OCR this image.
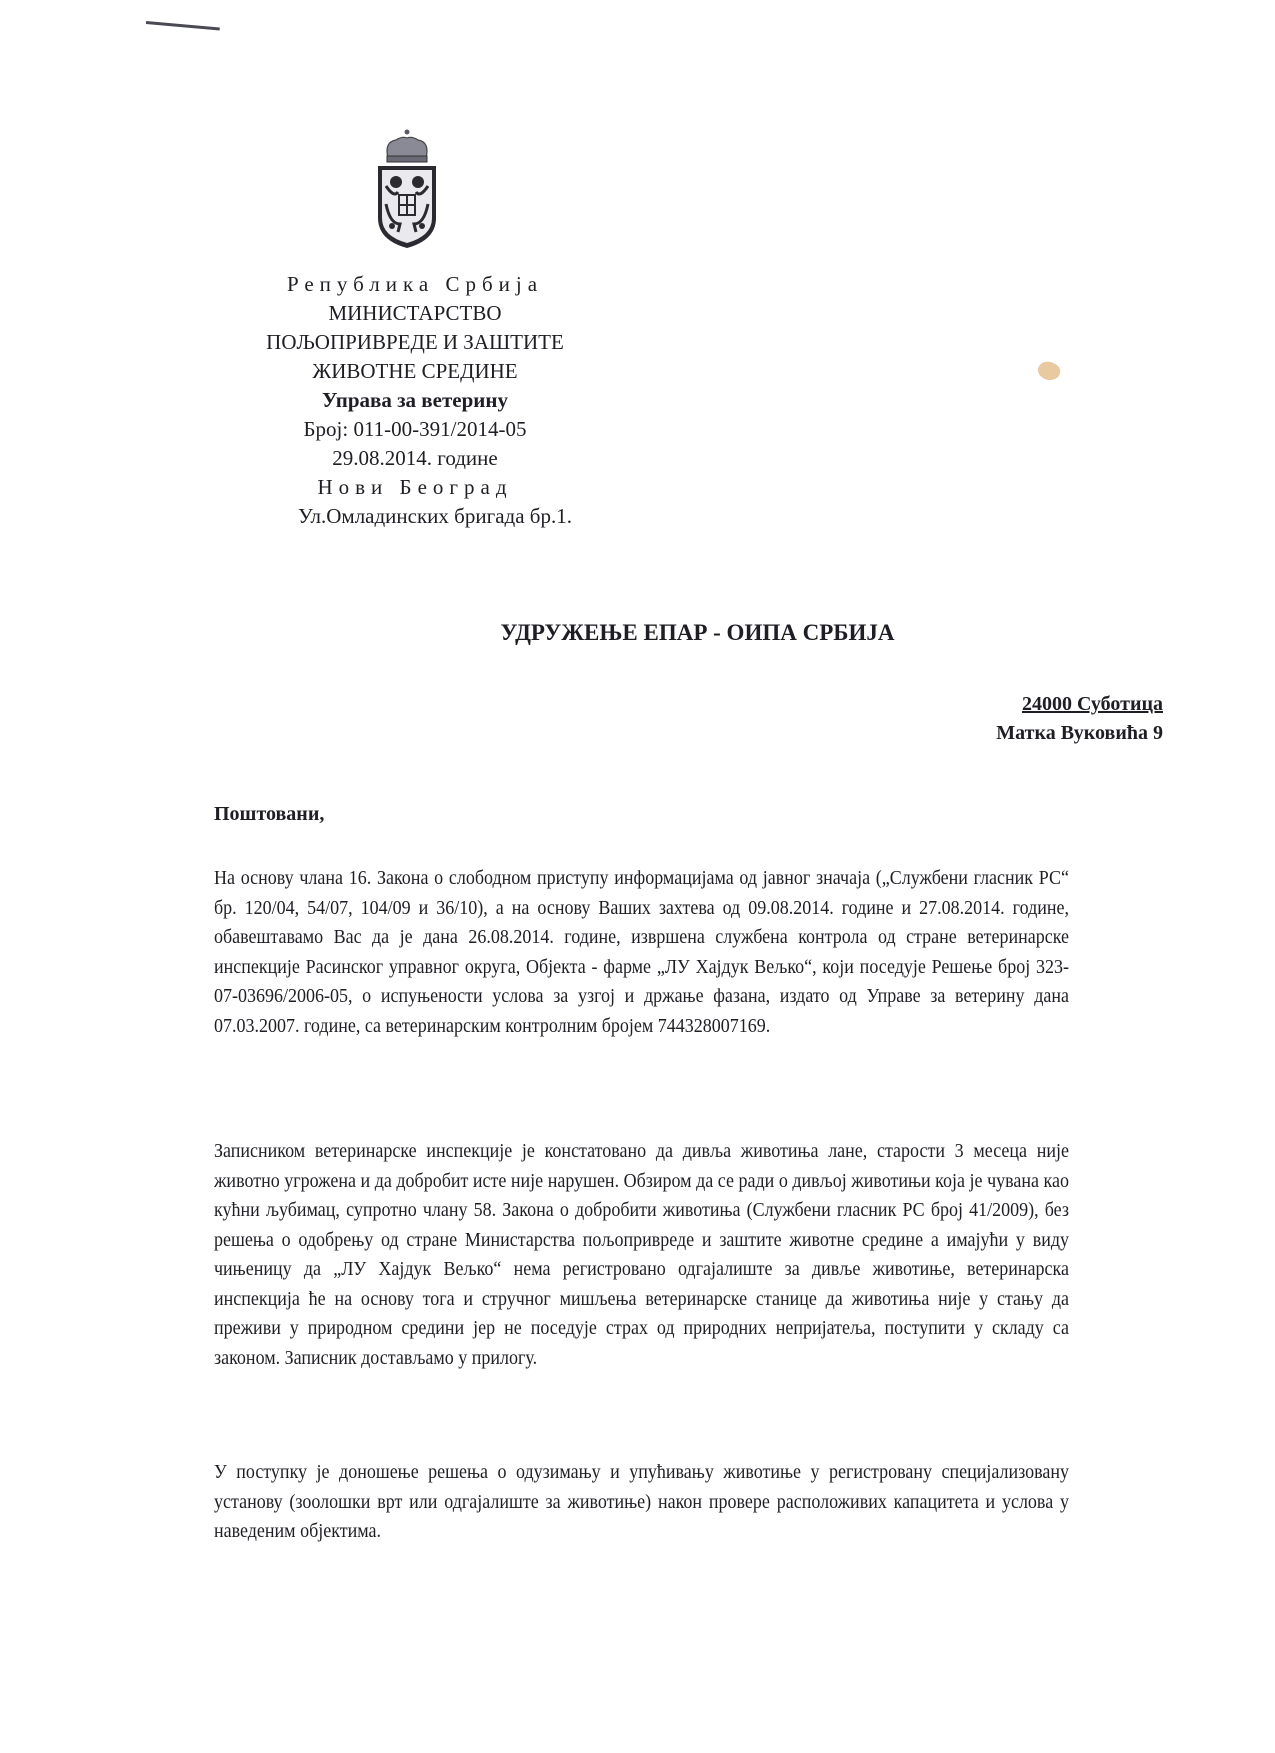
Република Србија
МИНИСТАРСТВО
ПОЉОПРИВРЕДЕ И ЗАШТИТЕ
ЖИВОТНЕ СРЕДИНЕ
Управа за ветерину
Број: 011-00-391/2014-05
29.08.2014. године
Нови Београд
Ул.Омладинских бригада бр.1.
УДРУЖЕЊЕ ЕПАР - ОИПА СРБИЈА
24000 Суботица
Матка Вуковића 9
Поштовани,
На основу члана 16. Закона о слободном приступу информацијама од јавног значаја („Службени гласник РС“ бр. 120/04, 54/07, 104/09 и 36/10), а на основу Ваших захтева од 09.08.2014. године и 27.08.2014. године, обавештавамо Вас да је дана 26.08.2014. године, извршена службена контрола од стране ветеринарске инспекције Расинског управног округа, Објекта - фарме „ЛУ Хајдук Вељко“, који поседује Решење број 323-07-03696/2006-05, о испуњености услова за узгој и држање фазана, издато од Управе за ветерину дана 07.03.2007. године, са ветеринарским контролним бројем 744328007169.
Записником ветеринарске инспекције је констатовано да дивља животиња лане, старости 3 месеца није животно угрожена и да добробит исте није нарушен. Обзиром да се ради о дивљој животињи која је чувана као кућни љубимац, супротно члану 58. Закона о добробити животиња (Службени гласник РС број 41/2009), без решења о одобрењу од стране Министарства пољопривреде и заштите животне средине а имајући у виду чињеницу да „ЛУ Хајдук Вељко“ нема регистровано одгајалиште за дивље животиње, ветеринарска инспекција ће на основу тога и стручног мишљења ветеринарске станице да животиња није у стању да преживи у природном средини јер не поседује страх од природних непријатеља, поступити у складу са законом. Записник достављамо у прилогу.
У поступку је доношење решења о одузимању и упућивању животиње у регистровану специјализовану установу (зоолошки врт или одгајалиште за животиње) након провере расположивих капацитета и услова у наведеним објектима.
